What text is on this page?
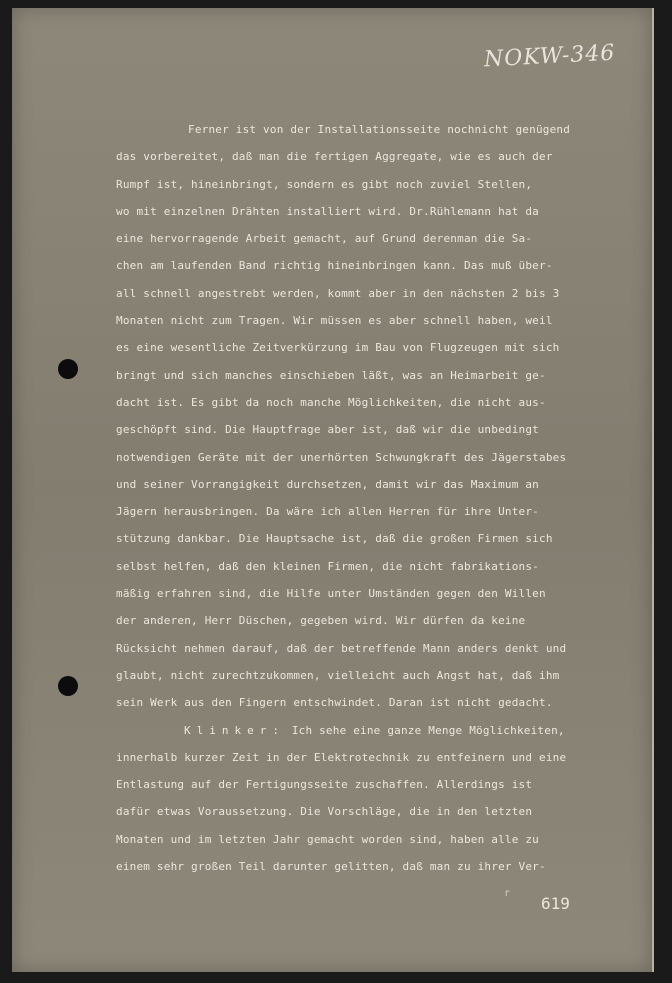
NOKW-346
Ferner ist von der Installationsseite nochnicht genügend
das vorbereitet, daß man die fertigen Aggregate, wie es auch der
Rumpf ist, hineinbringt, sondern es gibt noch zuviel Stellen,
wo mit einzelnen Drähten installiert wird. Dr.Rühlemann hat da
eine hervorragende Arbeit gemacht, auf Grund derenman die Sa-
chen am laufenden Band richtig hineinbringen kann. Das muß über-
all schnell angestrebt werden, kommt aber in den nächsten 2 bis 3
Monaten nicht zum Tragen. Wir müssen es aber schnell haben, weil
es eine wesentliche Zeitverkürzung im Bau von Flugzeugen mit sich
bringt und sich manches einschieben läßt, was an Heimarbeit ge-
dacht ist. Es gibt da noch manche Möglichkeiten, die nicht aus-
geschöpft sind. Die Hauptfrage aber ist, daß wir die unbedingt
notwendigen Geräte mit der unerhörten Schwungkraft des Jägerstabes
und seiner Vorrangigkeit durchsetzen, damit wir das Maximum an
Jägern herausbringen. Da wäre ich allen Herren für ihre Unter-
stützung dankbar. Die Hauptsache ist, daß die großen Firmen sich
selbst helfen, daß den kleinen Firmen, die nicht fabrikations-
mäßig erfahren sind, die Hilfe unter Umständen gegen den Willen
der anderen, Herr Düschen, gegeben wird. Wir dürfen da keine
Rücksicht nehmen darauf, daß der betreffende Mann anders denkt und
glaubt, nicht zurechtzukommen, vielleicht auch Angst hat, daß ihm
sein Werk aus den Fingern entschwindet. Daran ist nicht gedacht.
Klinker: Ich sehe eine ganze Menge Möglichkeiten,
innerhalb kurzer Zeit in der Elektrotechnik zu entfeinern und eine
Entlastung auf der Fertigungsseite zuschaffen. Allerdings ist
dafür etwas Voraussetzung. Die Vorschläge, die in den letzten
Monaten und im letzten Jahr gemacht worden sind, haben alle zu
einem sehr großen Teil darunter gelitten, daß man zu ihrer Ver-
r
619
